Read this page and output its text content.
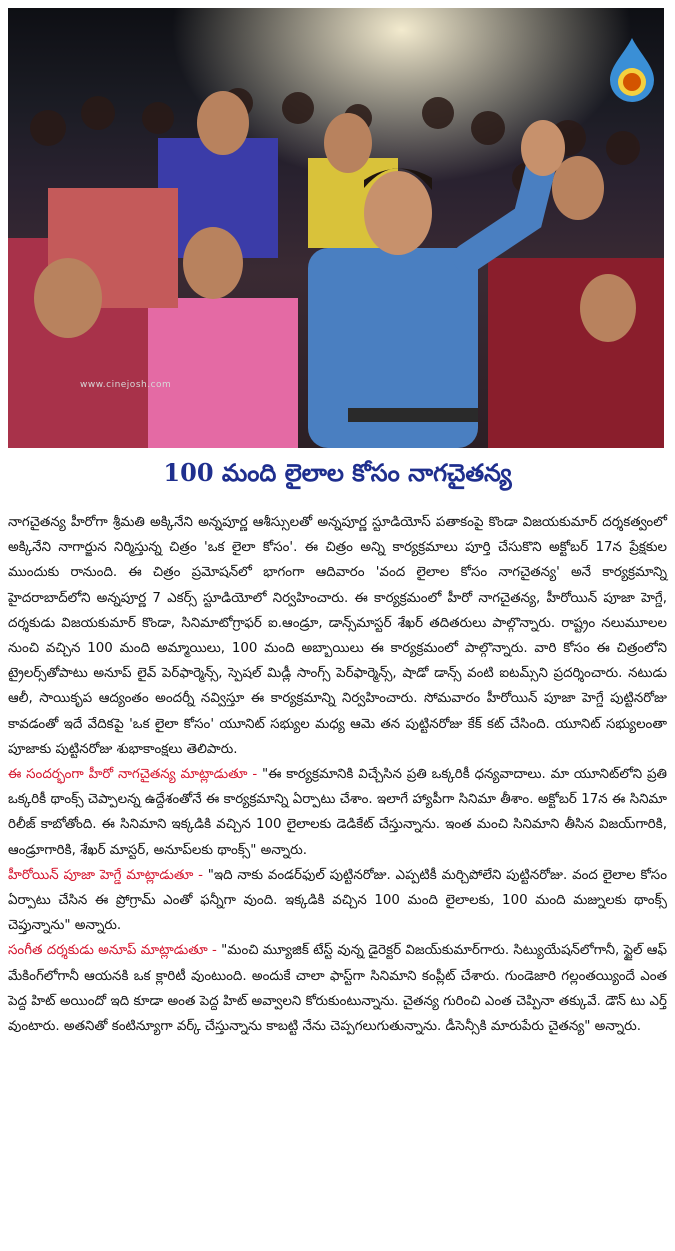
www.cinejosh.com
100 మంది లైలాల కోసం నాగచైతన్య

నాగచైతన్య హీరోగా శ్రీమతి అక్కినేని అన్నపూర్ణ ఆశీస్సులతో అన్నపూర్ణ స్టూడియోస్ పతాకంపై కొండా విజయకుమార్ దర్శకత్వంలో అక్కినేని నాగార్జున నిర్మిస్తున్న చిత్రం 'ఒక లైలా కోసం'. ఈ చిత్రం అన్ని కార్యక్రమాలు పూర్తి చేసుకొని అక్టోబర్ 17న ప్రేక్షకుల ముందుకు రానుంది. ఈ చిత్రం ప్రమోషన్‌లో భాగంగా ఆదివారం 'వంద లైలాల కోసం నాగచైతన్య' అనే కార్యక్రమాన్ని హైదరాబాద్‌లోని అన్నపూర్ణ 7 ఎకర్స్ స్టూడియోలో నిర్వహించారు. ఈ కార్యక్రమంలో హీరో నాగచైతన్య, హీరోయిన్ పూజా హెగ్డే, దర్శకుడు విజయకుమార్ కొండా, సినిమాటోగ్రాఫర్ ఐ.ఆండ్రూ, డాన్స్‌మాస్టర్ శేఖర్ తదితరులు పాల్గొన్నారు. రాష్ట్రం నలుమూలల నుంచి వచ్చిన 100 మంది అమ్మాయిలు, 100 మంది అబ్బాయిలు ఈ కార్యక్రమంలో పాల్గొన్నారు. వారి కోసం ఈ చిత్రంలోని ట్రైలర్స్‌తోపాటు అనూప్ లైవ్ పెర్‌ఫార్మెన్స్, స్పెషల్ మిడ్లీ సాంగ్స్ పెర్‌ఫార్మెన్స్, షాడో డాన్స్ వంటి ఐటమ్స్‌ని ప్రదర్శించారు. నటుడు ఆలీ, సాయికృప ఆద్యంతం అందర్నీ నవ్విస్తూ ఈ కార్యక్రమాన్ని నిర్వహించారు. సోమవారం హీరోయిన్ పూజా హెగ్డే పుట్టినరోజు కావడంతో ఇదే వేదికపై 'ఒక లైలా కోసం' యూనిట్ సభ్యుల మధ్య ఆమె తన పుట్టినరోజు కేక్ కట్ చేసింది. యూనిట్ సభ్యులంతా పూజాకు పుట్టినరోజు శుభాకాంక్షలు తెలిపారు.

ఈ సందర్భంగా హీరో నాగచైతన్య మాట్లాడుతూ - "ఈ కార్యక్రమానికి విచ్చేసిన ప్రతి ఒక్కరికీ ధన్యవాదాలు. మా యూనిట్‌లోని ప్రతి ఒక్కరికీ థాంక్స్ చెప్పాలన్న ఉద్దేశంతోనే ఈ కార్యక్రమాన్ని ఏర్పాటు చేశాం. ఇలాగే హ్యాపీగా సినిమా తీశాం. అక్టోబర్ 17న ఈ సినిమా రిలీజ్ కాబోతోంది. ఈ సినిమాని ఇక్కడికి వచ్చిన 100 లైలాలకు డెడికేట్ చేస్తున్నాను. ఇంత మంచి సినిమాని తీసిన విజయ్‌గారికి, ఆండ్రూగారికి, శేఖర్ మాస్టర్, అనూప్‌లకు థాంక్స్" అన్నారు.

హీరోయిన్ పూజా హెగ్డే మాట్లాడుతూ - "ఇది నాకు వండర్‌ఫుల్ పుట్టినరోజు. ఎప్పటికీ మర్చిపోలేని పుట్టినరోజు. వంద లైలాల కోసం ఏర్పాటు చేసిన ఈ ప్రోగ్రామ్ ఎంతో ఫన్నీగా వుంది. ఇక్కడికి వచ్చిన 100 మంది లైలాలకు, 100 మంది మజ్నులకు థాంక్స్ చెప్తున్నాను" అన్నారు.

సంగీత దర్శకుడు అనూప్ మాట్లాడుతూ - "మంచి మ్యూజిక్ టేస్ట్ వున్న డైరెక్టర్ విజయ్‌కుమార్‌గారు. సిట్యుయేషన్‌లోగానీ, స్టైల్ ఆఫ్ మేకింగ్‌లోగానీ ఆయనకి ఒక క్లారిటీ వుంటుంది. అందుకే చాలా ఫాస్ట్‌గా సినిమాని కంప్లీట్ చేశారు. గుండెజారి గల్లంతయ్యిందే ఎంత పెద్ద హిట్ అయిందో ఇది కూడా అంత పెద్ద హిట్ అవ్వాలని కోరుకుంటున్నాను. చైతన్య గురించి ఎంత చెప్పినా తక్కువే. డౌన్ టు ఎర్త్ వుంటారు. అతనితో కంటిన్యూగా వర్క్ చేస్తున్నాను కాబట్టి నేను చెప్పగలుగుతున్నాను. డీసెన్సీకి మారుపేరు చైతన్య" అన్నారు.
